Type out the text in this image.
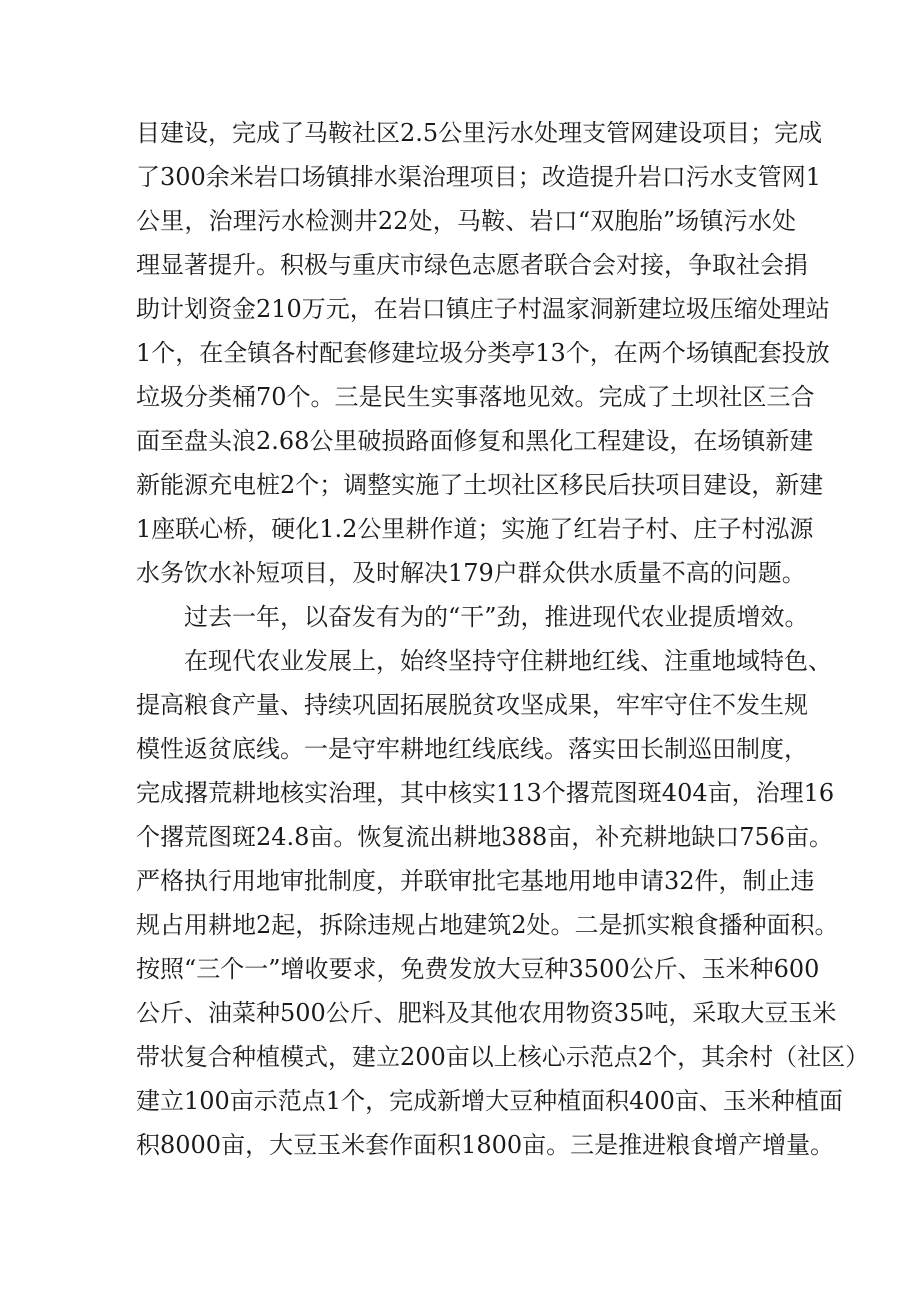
目建设，完成了马鞍社区2.5公里污水处理支管网建设项目；完成
了300余米岩口场镇排水渠治理项目；改造提升岩口污水支管网1
公里，治理污水检测井22处，马鞍、岩口“双胞胎”场镇污水处
理显著提升。积极与重庆市绿色志愿者联合会对接，争取社会捐
助计划资金210万元，在岩口镇庄子村温家洞新建垃圾压缩处理站
1个，在全镇各村配套修建垃圾分类亭13个，在两个场镇配套投放
垃圾分类桶70个。三是民生实事落地见效。完成了土坝社区三合
面至盘头浪2.68公里破损路面修复和黑化工程建设，在场镇新建
新能源充电桩2个；调整实施了土坝社区移民后扶项目建设，新建
1座联心桥，硬化1.2公里耕作道；实施了红岩子村、庄子村泓源
水务饮水补短项目，及时解决179户群众供水质量不高的问题。
过去一年，以奋发有为的“干”劲，推进现代农业提质增效。
在现代农业发展上，始终坚持守住耕地红线、注重地域特色、
提高粮食产量、持续巩固拓展脱贫攻坚成果，牢牢守住不发生规
模性返贫底线。一是守牢耕地红线底线。落实田长制巡田制度，
完成撂荒耕地核实治理，其中核实113个撂荒图斑404亩，治理16
个撂荒图斑24.8亩。恢复流出耕地388亩，补充耕地缺口756亩。
严格执行用地审批制度，并联审批宅基地用地申请32件，制止违
规占用耕地2起，拆除违规占地建筑2处。二是抓实粮食播种面积。
按照“三个一”增收要求，免费发放大豆种3500公斤、玉米种600
公斤、油菜种500公斤、肥料及其他农用物资35吨，采取大豆玉米
带状复合种植模式，建立200亩以上核心示范点2个，其余村（社区）
建立100亩示范点1个，完成新增大豆种植面积400亩、玉米种植面
积8000亩，大豆玉米套作面积1800亩。三是推进粮食增产增量。
